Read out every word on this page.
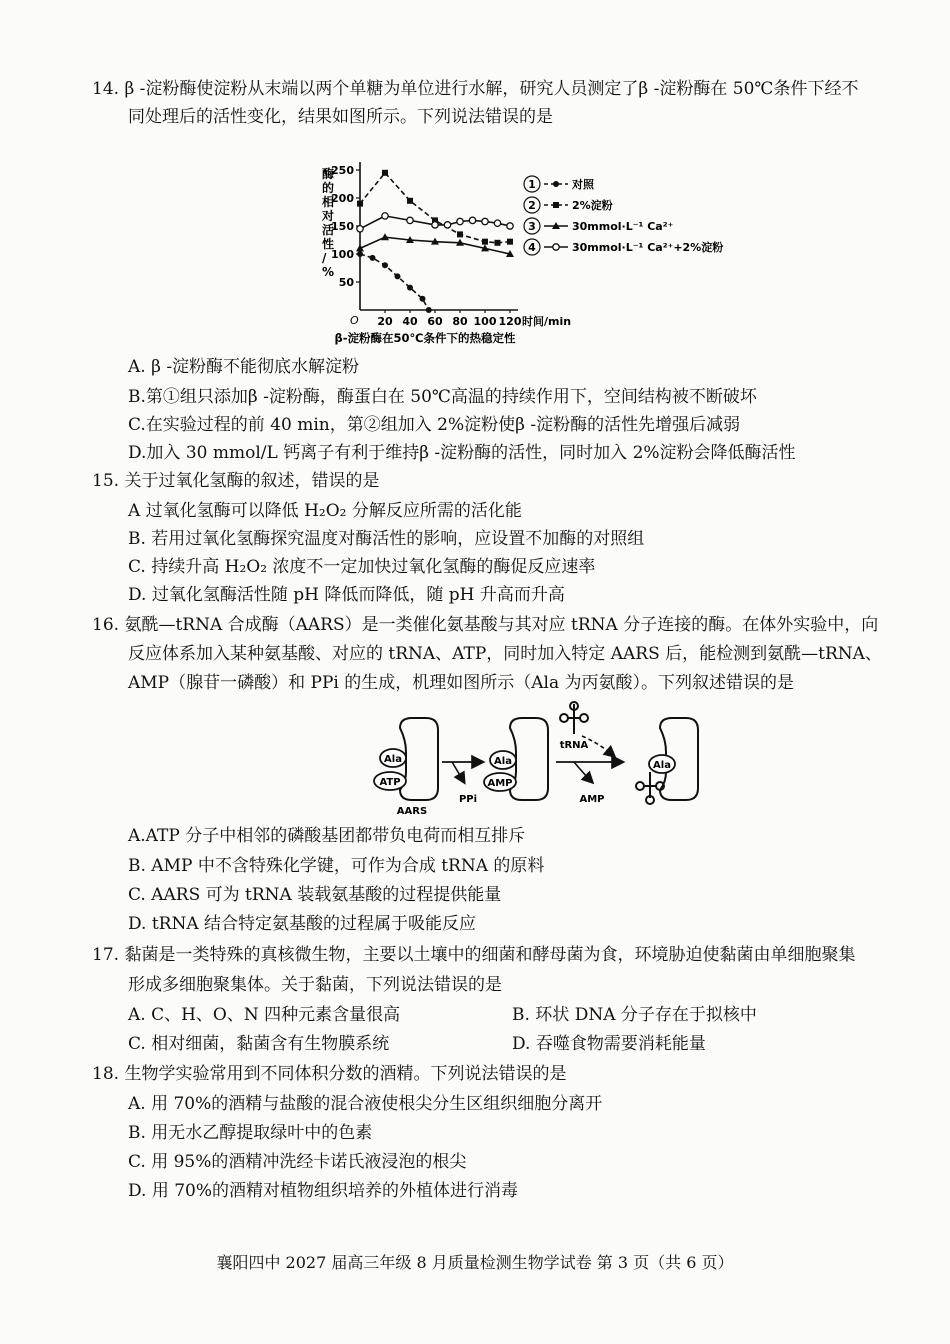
14. β -淀粉酶使淀粉从末端以两个单糖为单位进行水解，研究人员测定了β -淀粉酶在 50℃条件下经不
同处理后的活性变化，结果如图所示。下列说法错误的是
O
50
100
150
200
250
20 40 60 80 100 120 时间/min
酶的相对活性/ %
β-淀粉酶在50℃条件下的热稳定性
1	对照
2	2%淀粉
3	30mmol·L⁻¹ Ca²⁺
4	30mmol·L⁻¹ Ca²⁺+2%淀粉
A. β -淀粉酶不能彻底水解淀粉
B.第①组只添加β -淀粉酶，酶蛋白在 50℃高温的持续作用下，空间结构被不断破坏
C.在实验过程的前 40 min，第②组加入 2%淀粉使β -淀粉酶的活性先增强后减弱
D.加入 30 mmol/L 钙离子有利于维持β -淀粉酶的活性，同时加入 2%淀粉会降低酶活性
15. 关于过氧化氢酶的叙述，错误的是
A 过氧化氢酶可以降低 H₂O₂ 分解反应所需的活化能
B. 若用过氧化氢酶探究温度对酶活性的影响，应设置不加酶的对照组
C. 持续升高 H₂O₂ 浓度不一定加快过氧化氢酶的酶促反应速率
D. 过氧化氢酶活性随 pH 降低而降低，随 pH 升高而升高
16. 氨酰—tRNA 合成酶（AARS）是一类催化氨基酸与其对应 tRNA 分子连接的酶。在体外实验中，向
反应体系加入某种氨基酸、对应的 tRNA、ATP，同时加入特定 AARS 后，能检测到氨酰—tRNA、
AMP（腺苷一磷酸）和 PPi 的生成，机理如图所示（Ala 为丙氨酸）。下列叙述错误的是
Ala
ATP
AARS
PPi
Ala
AMP
tRNA
AMP
Ala
A.ATP 分子中相邻的磷酸基团都带负电荷而相互排斥
B. AMP 中不含特殊化学键，可作为合成 tRNA 的原料
C. AARS 可为 tRNA 装载氨基酸的过程提供能量
D. tRNA 结合特定氨基酸的过程属于吸能反应
17. 黏菌是一类特殊的真核微生物，主要以土壤中的细菌和酵母菌为食，环境胁迫使黏菌由单细胞聚集
形成多细胞聚集体。关于黏菌，下列说法错误的是
A. C、H、O、N 四种元素含量很高	B. 环状 DNA 分子存在于拟核中
C. 相对细菌，黏菌含有生物膜系统	D. 吞噬食物需要消耗能量
18. 生物学实验常用到不同体积分数的酒精。下列说法错误的是
A. 用 70%的酒精与盐酸的混合液使根尖分生区组织细胞分离开
B. 用无水乙醇提取绿叶中的色素
C. 用 95%的酒精冲洗经卡诺氏液浸泡的根尖
D. 用 70%的酒精对植物组织培养的外植体进行消毒
襄阳四中 2027 届高三年级 8 月质量检测生物学试卷 第 3 页（共 6 页）
